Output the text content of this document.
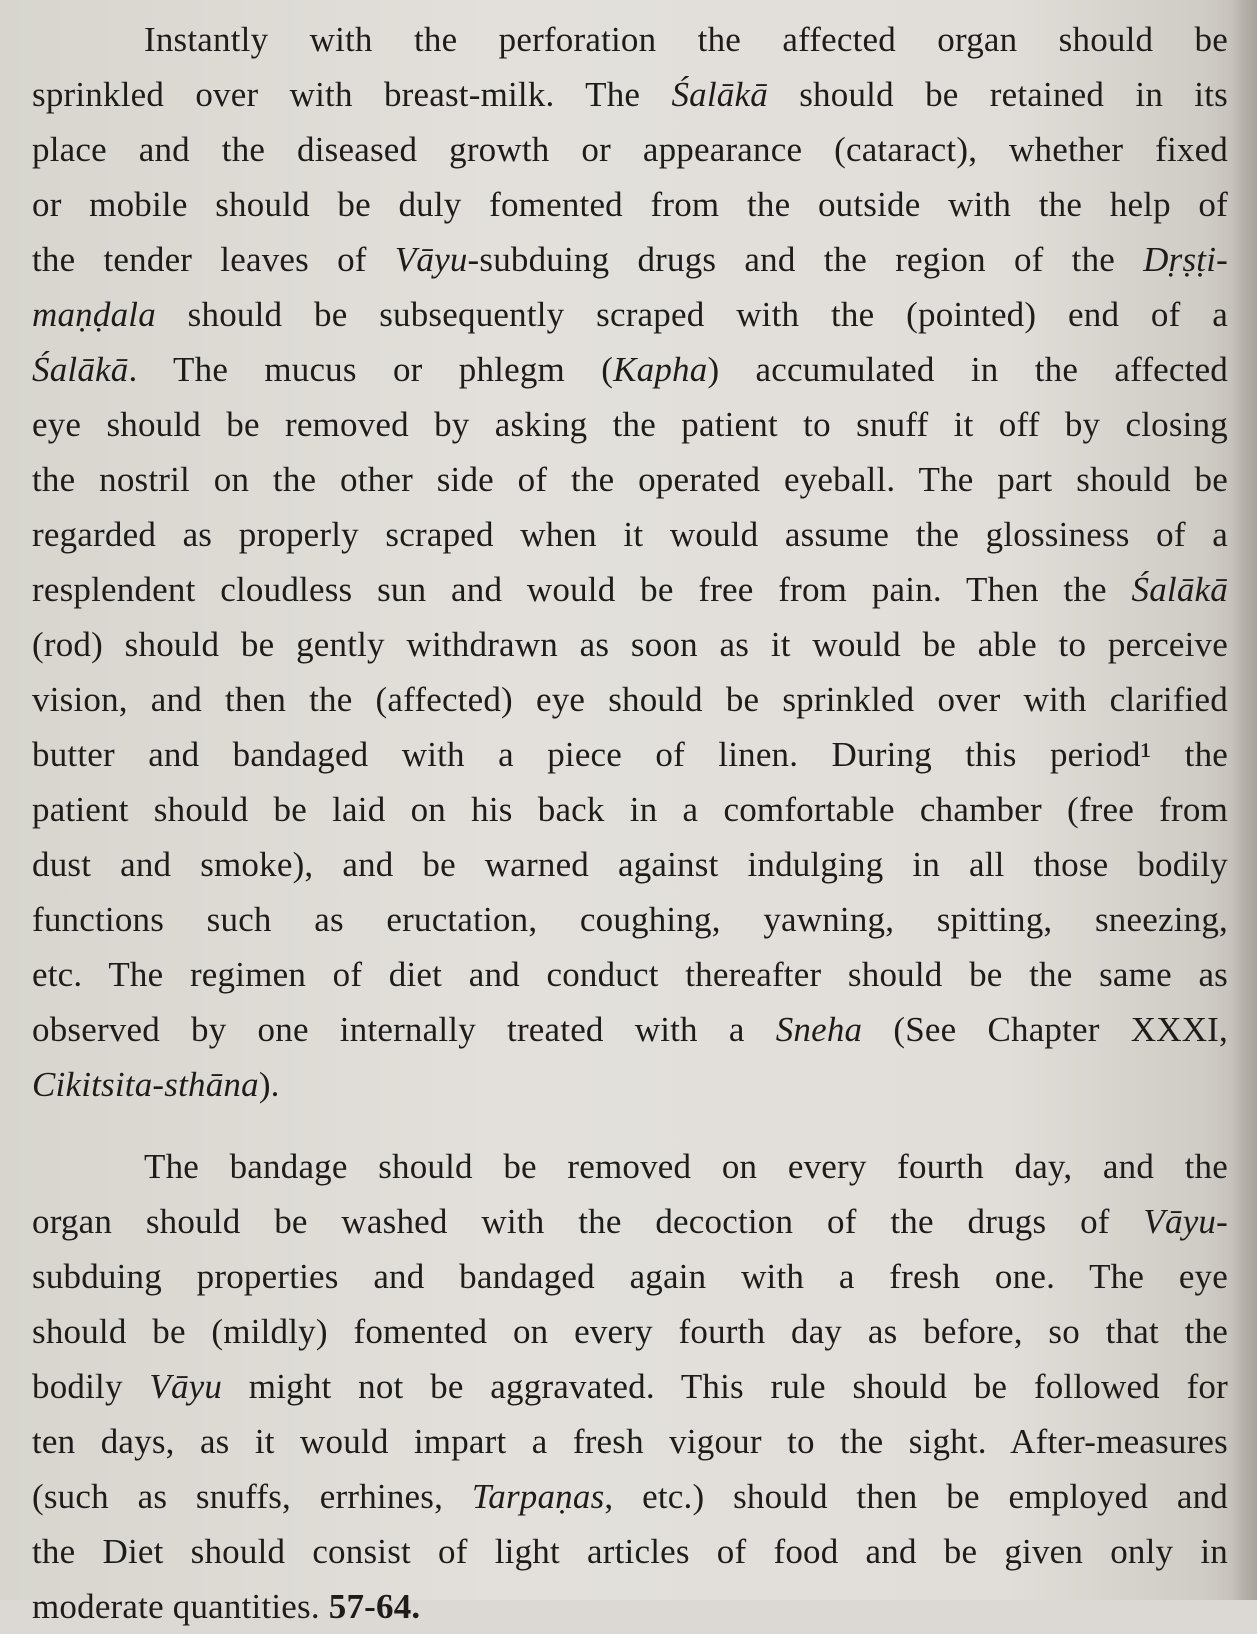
Instantly with the perforation the affected organ should be
sprinkled over with breast-milk. The Śalākā should be retained in its
place and the diseased growth or appearance (cataract), whether fixed
or mobile should be duly fomented from the outside with the help of
the tender leaves of Vāyu-subduing drugs and the region of the Dṛṣṭi-
maṇḍala should be subsequently scraped with the (pointed) end of a
Śalākā. The mucus or phlegm (Kapha) accumulated in the affected
eye should be removed by asking the patient to snuff it off by closing
the nostril on the other side of the operated eyeball. The part should be
regarded as properly scraped when it would assume the glossiness of a
resplendent cloudless sun and would be free from pain. Then the Śalākā
(rod) should be gently withdrawn as soon as it would be able to perceive
vision, and then the (affected) eye should be sprinkled over with clarified
butter and bandaged with a piece of linen. During this period¹ the
patient should be laid on his back in a comfortable chamber (free from
dust and smoke), and be warned against indulging in all those bodily
functions such as eructation, coughing, yawning, spitting, sneezing,
etc. The regimen of diet and conduct thereafter should be the same as
observed by one internally treated with a Sneha (See Chapter XXXI,
Cikitsita-sthāna).
The bandage should be removed on every fourth day, and the
organ should be washed with the decoction of the drugs of Vāyu-
subduing properties and bandaged again with a fresh one. The eye
should be (mildly) fomented on every fourth day as before, so that the
bodily Vāyu might not be aggravated. This rule should be followed for
ten days, as it would impart a fresh vigour to the sight. After-measures
(such as snuffs, errhines, Tarpaṇas, etc.) should then be employed and
the Diet should consist of light articles of food and be given only in
moderate quantities. 57-64.
